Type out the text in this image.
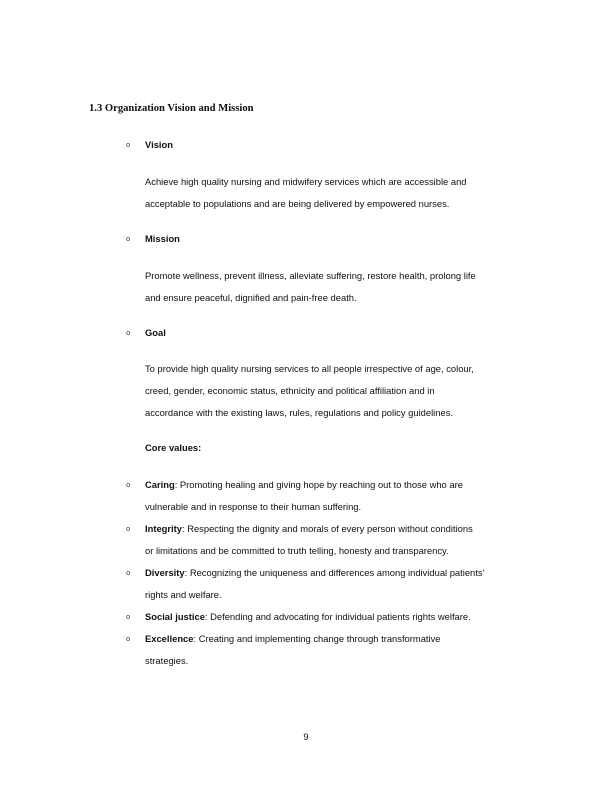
1.3 Organization Vision and Mission
o Vision
Achieve high quality nursing and midwifery services which are accessible and
acceptable to populations and are being delivered by empowered nurses.
o Mission
Promote wellness, prevent illness, alleviate suffering, restore health, prolong life
and ensure peaceful, dignified and pain-free death.
o Goal
To provide high quality nursing services to all people irrespective of age, colour,
creed, gender, economic status, ethnicity and political affiliation and in
accordance with the existing laws, rules, regulations and policy guidelines.
Core values:
o Caring: Promoting healing and giving hope by reaching out to those who are
vulnerable and in response to their human suffering.
o Integrity: Respecting the dignity and morals of every person without conditions
or limitations and be committed to truth telling, honesty and transparency.
o Diversity: Recognizing the uniqueness and differences among individual patients’
rights and welfare.
o Social justice: Defending and advocating for individual patients rights welfare.
o Excellence: Creating and implementing change through transformative
strategies.
9
